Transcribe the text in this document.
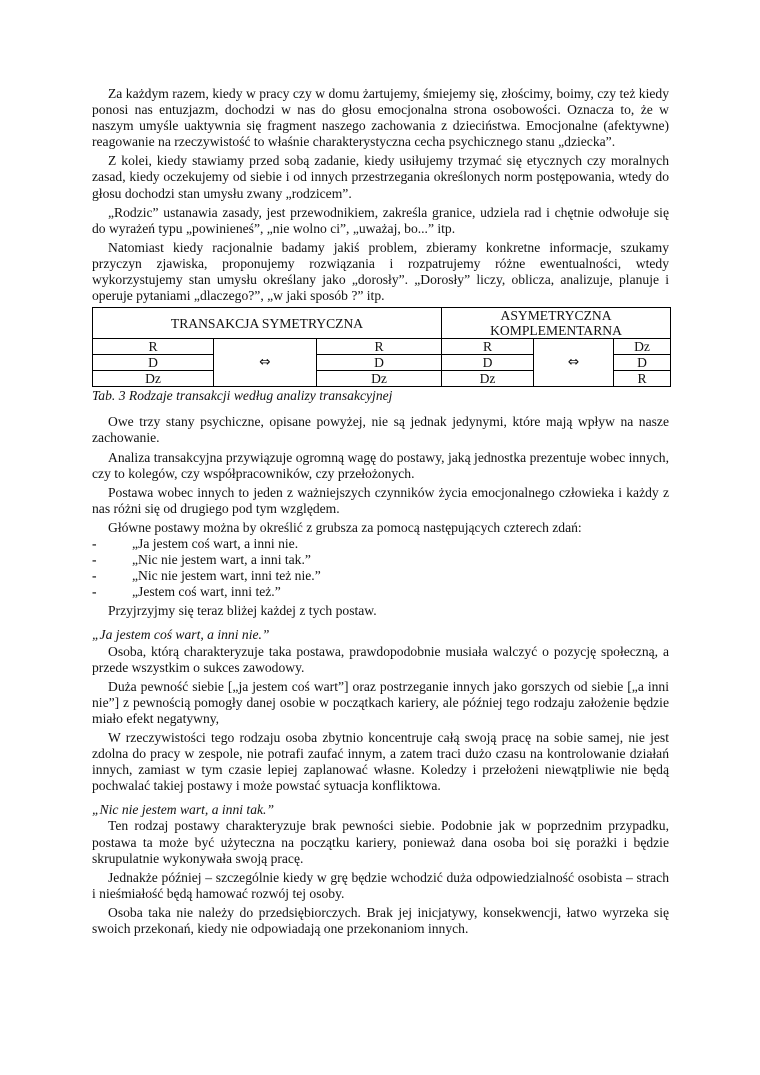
Za każdym razem, kiedy w pracy czy w domu żartujemy, śmiejemy się, złościmy, boimy, czy też kiedy ponosi nas entuzjazm, dochodzi w nas do głosu emocjonalna strona osobowości. Oznacza to, że w naszym umyśle uaktywnia się fragment naszego zachowania z dzieciństwa. Emocjonalne (afektywne) reagowanie na rzeczywistość to właśnie charakterystyczna cecha psychicznego stanu „dziecka”.

Z kolei, kiedy stawiamy przed sobą zadanie, kiedy usiłujemy trzymać się etycznych czy moralnych zasad, kiedy oczekujemy od siebie i od innych przestrzegania określonych norm postępowania, wtedy do głosu dochodzi stan umysłu zwany „rodzicem”.

„Rodzic” ustanawia zasady, jest przewodnikiem, zakreśla granice, udziela rad i chętnie odwołuje się do wyrażeń typu „powinieneś”, „nie wolno ci”, „uważaj, bo...” itp.

Natomiast kiedy racjonalnie badamy jakiś problem, zbieramy konkretne informacje, szukamy przyczyn zjawiska, proponujemy rozwiązania i rozpatrujemy różne ewentualności, wtedy wykorzystujemy stan umysłu określany jako „dorosły”. „Dorosły” liczy, oblicza, analizuje, planuje i operuje pytaniami „dlaczego?”, „w jaki sposób ?” itp.

TRANSAKCJA SYMETRYCZNA			ASYMETRYCZNA KOMPLEMENTARNA		
R	⇔	R	R	⇔	Dz
D		D	D		D
Dz		Dz	Dz		R

Tab. 3 Rodzaje transakcji według analizy transakcyjnej

Owe trzy stany psychiczne, opisane powyżej, nie są jednak jedynymi, które mają wpływ na nasze zachowanie.

Analiza transakcyjna przywiązuje ogromną wagę do postawy, jaką jednostka prezentuje wobec innych, czy to kolegów, czy współpracowników, czy przełożonych.

Postawa wobec innych to jeden z ważniejszych czynników życia emocjonalnego człowieka i każdy z nas różni się od drugiego pod tym względem.

Główne postawy można by określić z grubsza za pomocą następujących czterech zdań:

-	„Ja jestem coś wart, a inni nie.
-	„Nic nie jestem wart, a inni tak.”
-	„Nic nie jestem wart, inni też nie.”
-	„Jestem coś wart, inni też.”

Przyjrzyjmy się teraz bliżej każdej z tych postaw.

„Ja jestem coś wart, a inni nie.”

Osoba, którą charakteryzuje taka postawa, prawdopodobnie musiała walczyć o pozycję społeczną, a przede wszystkim o sukces zawodowy.

Duża pewność siebie [„ja jestem coś wart”] oraz postrzeganie innych jako gorszych od siebie [„a inni nie”] z pewnością pomogły danej osobie w początkach kariery, ale później tego rodzaju założenie będzie miało efekt negatywny,

W rzeczywistości tego rodzaju osoba zbytnio koncentruje całą swoją pracę na sobie samej, nie jest zdolna do pracy w zespole, nie potrafi zaufać innym, a zatem traci dużo czasu na kontrolowanie działań innych, zamiast w tym czasie lepiej zaplanować własne. Koledzy i przełożeni niewątpliwie nie będą pochwalać takiej postawy i może powstać sytuacja konfliktowa.

„Nic nie jestem wart, a inni tak.”

Ten rodzaj postawy charakteryzuje brak pewności siebie. Podobnie jak w poprzednim przypadku, postawa ta może być użyteczna na początku kariery, ponieważ dana osoba boi się porażki i będzie skrupulatnie wykonywała swoją pracę.

Jednakże później – szczególnie kiedy w grę będzie wchodzić duża odpowiedzialność osobista – strach i nieśmiałość będą hamować rozwój tej osoby.

Osoba taka nie należy do przedsiębiorczych. Brak jej inicjatywy, konsekwencji, łatwo wyrzeka się swoich przekonań, kiedy nie odpowiadają one przekonaniom innych.
